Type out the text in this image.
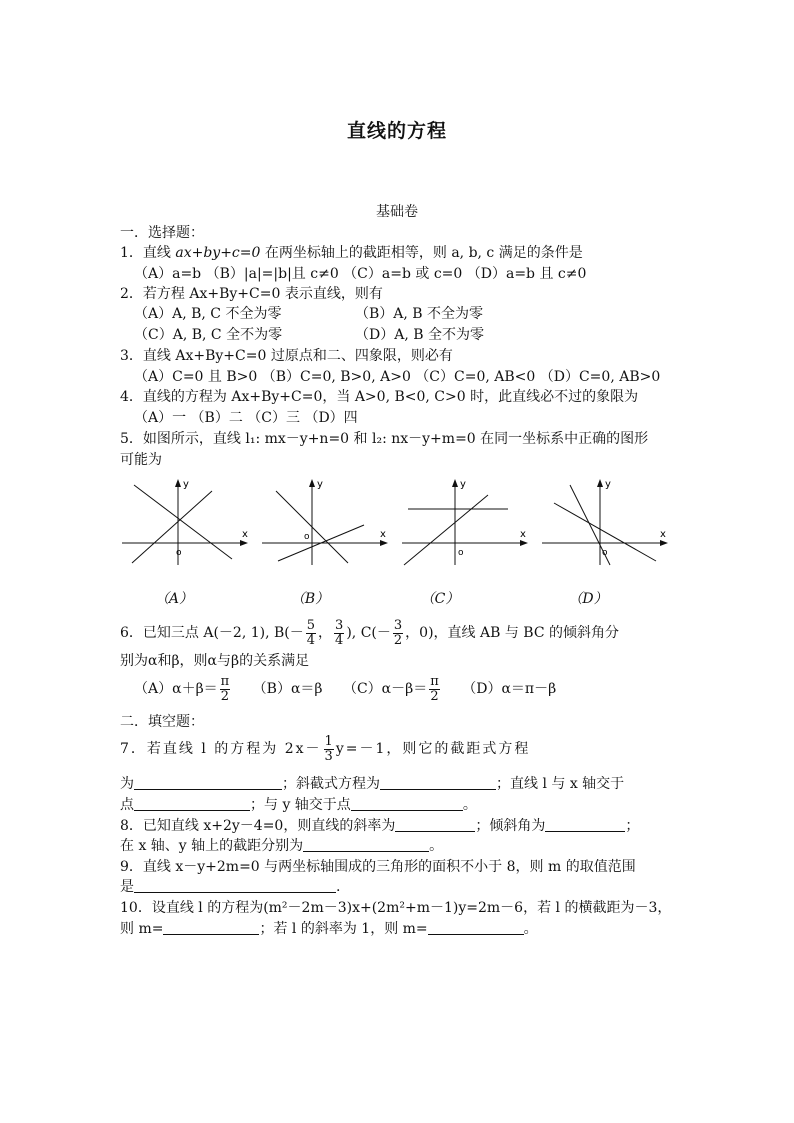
直线的方程
基础卷
一．选择题：
1．直线 ax+by+c=0 在两坐标轴上的截距相等，则 a, b, c 满足的条件是
（A）a=b （B）|a|=|b|且 c≠0 （C）a=b 或 c=0 （D）a=b 且 c≠0
2．若方程 Ax+By+C=0 表示直线，则有
（A）A, B, C 不全为零	（B）A, B 不全为零
（C）A, B, C 全不为零	（D）A, B 全不为零
3．直线 Ax+By+C=0 过原点和二、四象限，则必有
（A）C=0 且 B>0 （B）C=0, B>0, A>0 （C）C=0, AB<0 （D）C=0, AB>0
4．直线的方程为 Ax+By+C=0，当 A>0, B<0, C>0 时，此直线必不过的象限为
（A）一 （B）二 （C）三 （D）四
5．如图所示，直线 l₁: mx－y+n=0 和 l₂: nx－y+m=0 在同一坐标系中正确的图形
可能为
y
x
o
（A）
y
x
o
（B）
y
x
o
（C）
y
x
o
（D）
6．已知三点 A(－2, 1), $B(- \frac{5}{4}$ ， $\frac{3}{4}$ ), $C(- \frac{3}{2}$ ，0)，直线 AB 与 BC 的倾斜角分
别为α和β，则α与β的关系满足
$(A)\alpha+\beta= \frac{\pi}{2} (B)\alpha=\beta$ $(C)\alpha-\beta= \frac{\pi}{2} (D)\alpha=\pi-\beta$
二．填空题：
7．若直线 l 的方程为 $2x- \frac{1}{3} y=-1$，则它的截距式方程
为	；斜截式方程为	；直线 l 与 x 轴交于
点	；与 y 轴交于点	。
8．已知直线 x+2y－4=0，则直线的斜率为	；倾斜角为	；
在 x 轴、y 轴上的截距分别为	。
9．直线 x－y+2m=0 与两坐标轴围成的三角形的面积不小于 8，则 m 的取值范围
是	.
10．设直线 l 的方程为(m²－2m－3)x+(2m²+m－1)y=2m－6，若 l 的横截距为－3，
则 m=	；若 l 的斜率为 1，则 m=	。
